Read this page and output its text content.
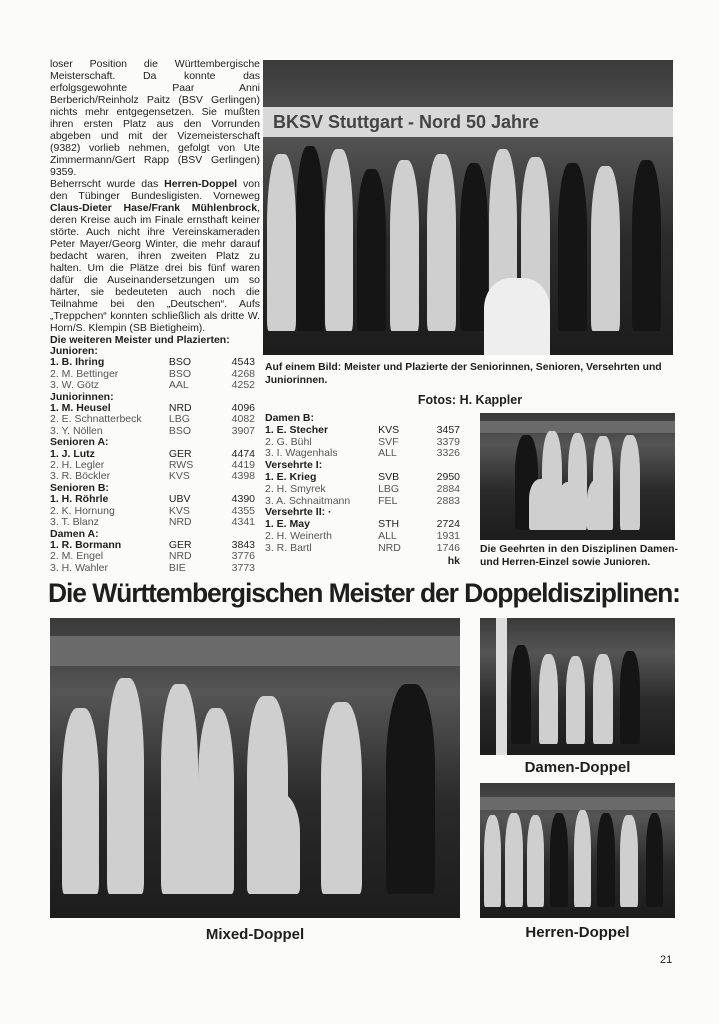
loser Position die Württembergische Meisterschaft. Da konnte das erfolgsgewohnte Paar Anni Berberich/Reinholz Paitz (BSV Gerlingen) nichts mehr entgegensetzen. Sie mußten ihren ersten Platz aus den Vorrunden abgeben und mit der Vizemeisterschaft (9382) vorlieb nehmen, gefolgt von Ute Zimmermann/Gert Rapp (BSV Gerlingen) 9359.

Beherrscht wurde das Herren-Doppel von den Tübinger Bundesligisten. Vorneweg Claus-Dieter Hase/Frank Mühlenbrock, deren Kreise auch im Finale ernsthaft keiner störte. Auch nicht ihre Vereinskameraden Peter Mayer/Georg Winter, die mehr darauf bedacht waren, ihren zweiten Platz zu halten. Um die Plätze drei bis fünf waren dafür die Auseinandersetzungen um so härter, sie bedeuteten auch noch die Teilnahme bei den „Deutschen“. Aufs „Treppchen“ konnten schließlich als dritte W. Horn/S. Klempin (SB Bietigheim).

Die weiteren Meister und Plazierten:

Junioren:		
1. B. Ihring	BSO	4543
2. M. Bettinger	BSO	4268
3. W. Götz	AAL	4252
Juniorinnen:		
1. M. Heusel	NRD	4096
2. E. Schnatterbeck	LBG	4082
3. Y. Nöllen	BSO	3907
Senioren A:		
1. J. Lutz	GER	4474
2. H. Legler	RWS	4419
3. R. Böckler	KVS	4398
Senioren B:		
1. H. Röhrle	UBV	4390
2. K. Hornung	KVS	4355
3. T. Blanz	NRD	4341
Damen A:		
1. R. Bormann	GER	3843
2. M. Engel	NRD	3776
3. H. Wahler	BIE	3773
Damen B:		
1. E. Stecher	KVS	3457
2. G. Bühl	SVF	3379
3. I. Wagenhals	ALL	3326
Versehrte I:		
1. E. Krieg	SVB	2950
2. H. Smyrek	LBG	2884
3. A. Schnaitmann	FEL	2883
Versehrte II: ·		
1. E. May	STH	2724
2. H. Weinerth	ALL	1931
3. R. Bartl	NRD	1746
hk
BKSV Stuttgart - Nord 50 Jahre
Auf einem Bild: Meister und Plazierte der Seniorinnen, Senioren, Versehrten und Juniorinnen.
Fotos: H. Kappler
Die Geehrten in den Disziplinen Damen- und Herren-Einzel sowie Junioren.
Die Württembergischen Meister der Doppeldisziplinen:
Mixed-Doppel
Damen-Doppel
Herren-Doppel
21
